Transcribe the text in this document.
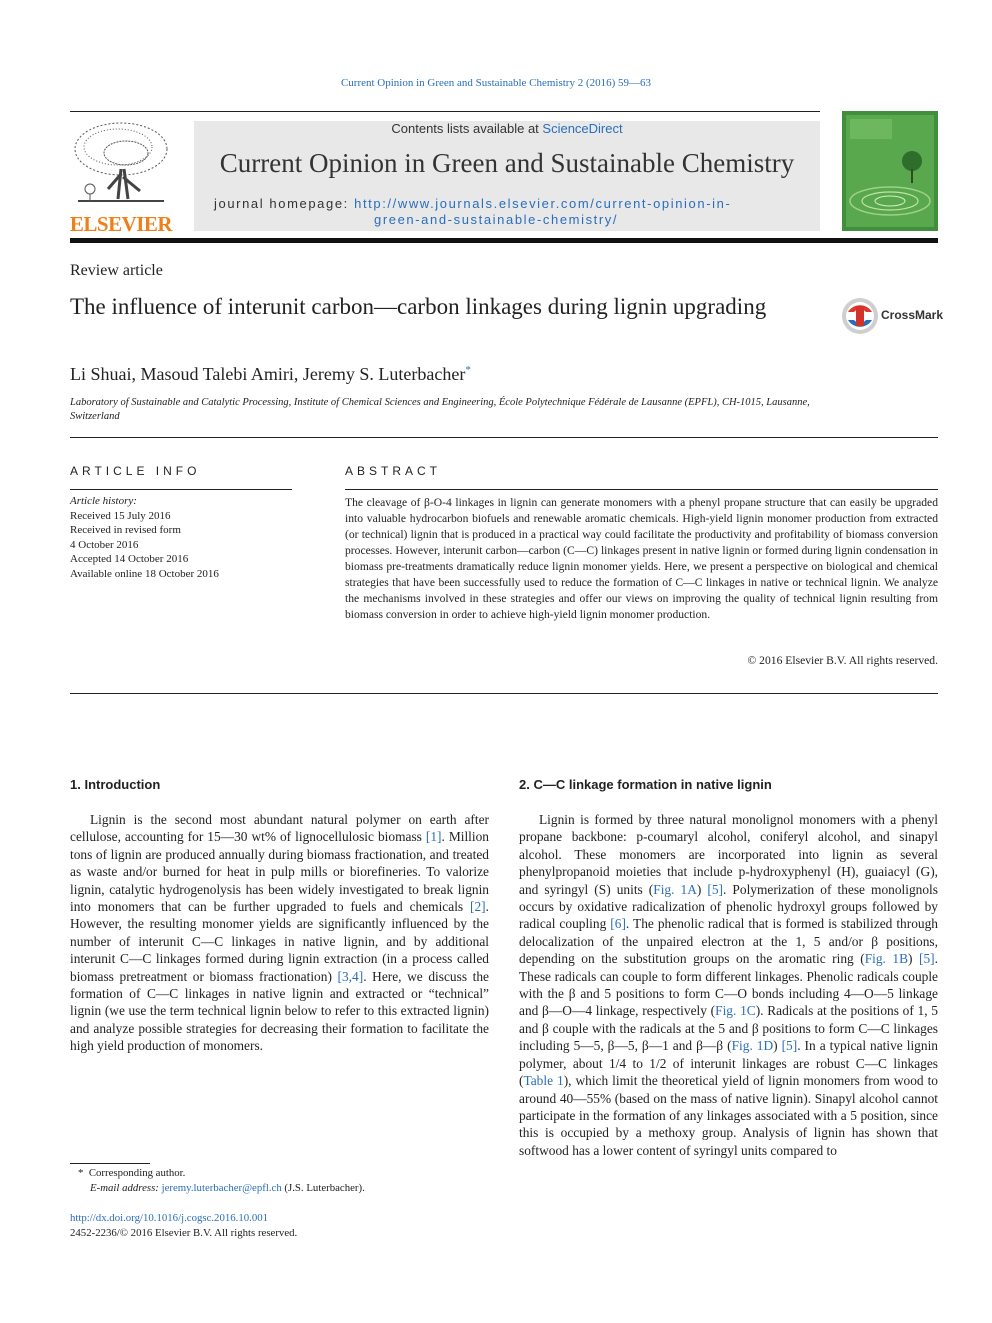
Current Opinion in Green and Sustainable Chemistry 2 (2016) 59—63
ELSEVIER
Contents lists available at ScienceDirect
Current Opinion in Green and Sustainable Chemistry
journal homepage: http://www.journals.elsevier.com/current-opinion-in-
green-and-sustainable-chemistry/
Review article
The influence of interunit carbon—carbon linkages during lignin upgrading	CrossMark
Li Shuai, Masoud Talebi Amiri, Jeremy S. Luterbacher*
Laboratory of Sustainable and Catalytic Processing, Institute of Chemical Sciences and Engineering, École Polytechnique Fédérale de Lausanne (EPFL), CH-1015, Lausanne, Switzerland
ARTICLE INFO
Article history:
Received 15 July 2016
Received in revised form
4 October 2016
Accepted 14 October 2016
Available online 18 October 2016
ABSTRACT
The cleavage of β-O-4 linkages in lignin can generate monomers with a phenyl propane structure that can easily be upgraded into valuable hydrocarbon biofuels and renewable aromatic chemicals. High-yield lignin monomer production from extracted (or technical) lignin that is produced in a practical way could facilitate the productivity and profitability of biomass conversion processes. However, interunit carbon—carbon (C—C) linkages present in native lignin or formed during lignin condensation in biomass pre-treatments dramatically reduce lignin monomer yields. Here, we present a perspective on biological and chemical strategies that have been successfully used to reduce the formation of C—C linkages in native or technical lignin. We analyze the mechanisms involved in these strategies and offer our views on improving the quality of technical lignin resulting from biomass conversion in order to achieve high-yield lignin monomer production.
© 2016 Elsevier B.V. All rights reserved.
1. Introduction
Lignin is the second most abundant natural polymer on earth after cellulose, accounting for 15—30 wt% of lignocellulosic biomass [1]. Million tons of lignin are produced annually during biomass fractionation, and treated as waste and/or burned for heat in pulp mills or biorefineries. To valorize lignin, catalytic hydrogenolysis has been widely investigated to break lignin into monomers that can be further upgraded to fuels and chemicals [2]. However, the resulting monomer yields are significantly influenced by the number of interunit C—C linkages in native lignin, and by additional interunit C—C linkages formed during lignin extraction (in a process called biomass pretreatment or biomass fractionation) [3,4]. Here, we discuss the formation of C—C linkages in native lignin and extracted or “technical” lignin (we use the term technical lignin below to refer to this extracted lignin) and analyze possible strategies for decreasing their formation to facilitate the high yield production of monomers.
2. C—C linkage formation in native lignin
Lignin is formed by three natural monolignol monomers with a phenyl propane backbone: p-coumaryl alcohol, coniferyl alcohol, and sinapyl alcohol. These monomers are incorporated into lignin as several phenylpropanoid moieties that include p-hydroxyphenyl (H), guaiacyl (G), and syringyl (S) units (Fig. 1A) [5]. Polymerization of these monolignols occurs by oxidative radicalization of phenolic hydroxyl groups followed by radical coupling [6]. The phenolic radical that is formed is stabilized through delocalization of the unpaired electron at the 1, 5 and/or β positions, depending on the substitution groups on the aromatic ring (Fig. 1B) [5]. These radicals can couple to form different linkages. Phenolic radicals couple with the β and 5 positions to form C—O bonds including 4—O—5 linkage and β—O—4 linkage, respectively (Fig. 1C). Radicals at the positions of 1, 5 and β couple with the radicals at the 5 and β positions to form C—C linkages including 5—5, β—5, β—1 and β—β (Fig. 1D) [5]. In a typical native lignin polymer, about 1/4 to 1/2 of interunit linkages are robust C—C linkages (Table 1), which limit the theoretical yield of lignin monomers from wood to around 40—55% (based on the mass of native lignin). Sinapyl alcohol cannot participate in the formation of any linkages associated with a 5 position, since this is occupied by a methoxy group. Analysis of lignin has shown that softwood has a lower content of syringyl units compared to
* Corresponding author.
E-mail address: jeremy.luterbacher@epfl.ch (J.S. Luterbacher).
http://dx.doi.org/10.1016/j.cogsc.2016.10.001
2452-2236/© 2016 Elsevier B.V. All rights reserved.
